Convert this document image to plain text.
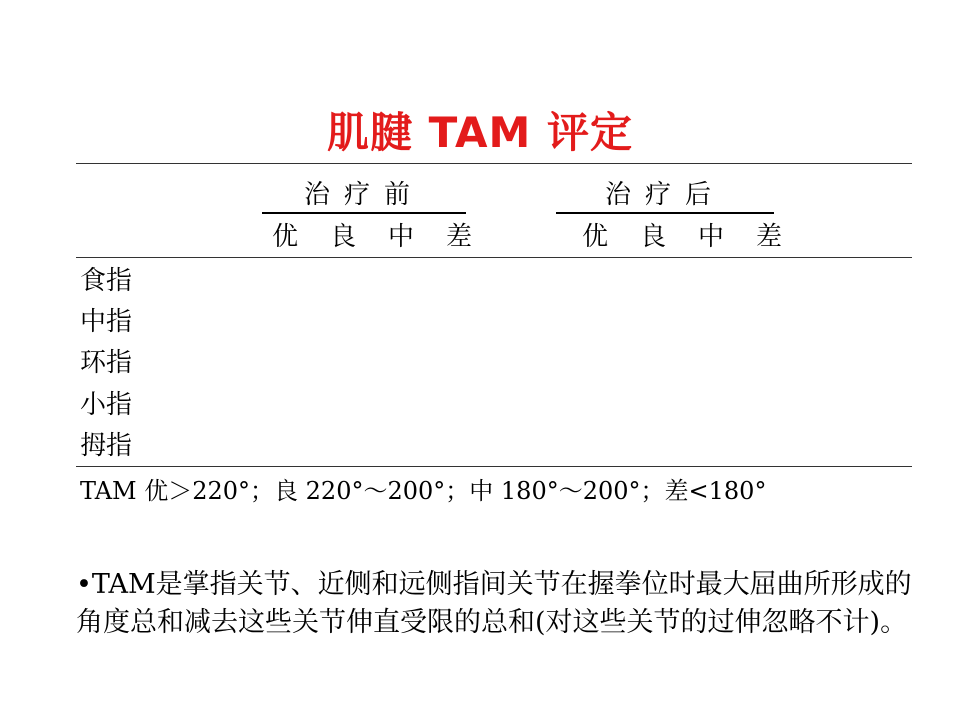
肌腱 TAM 评定
治疗前	治疗后
优	良	中	差	优	良	中	差
食指
中指
环指
小指
拇指
TAM 优＞220°；良 220°～200°；中 180°～200°；差<180°
•TAM是掌指关节、近侧和远侧指间关节在握拳位时最大屈曲所形成的角度总和减去这些关节伸直受限的总和(对这些关节的过伸忽略不计)。
